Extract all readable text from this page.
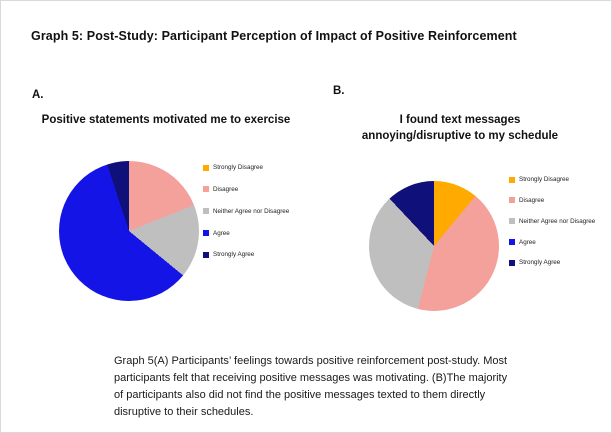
Graph 5: Post-Study: Participant Perception of Impact of Positive Reinforcement
A.	B.
Positive statements motivated me to exercise	I found text messages annoying/disruptive to my schedule
Strongly Disagree
Disagree
Neither Agree nor Disagree
Agree
Strongly Agree
Strongly Disagree
Disagree
Neither Agree nor Disagree
Agree
Strongly Agree
Graph 5(A) Participants’ feelings towards positive reinforcement post-study. Most participants felt that receiving positive messages was motivating. (B)The majority of participants also did not find the positive messages texted to them directly disruptive to their schedules.
